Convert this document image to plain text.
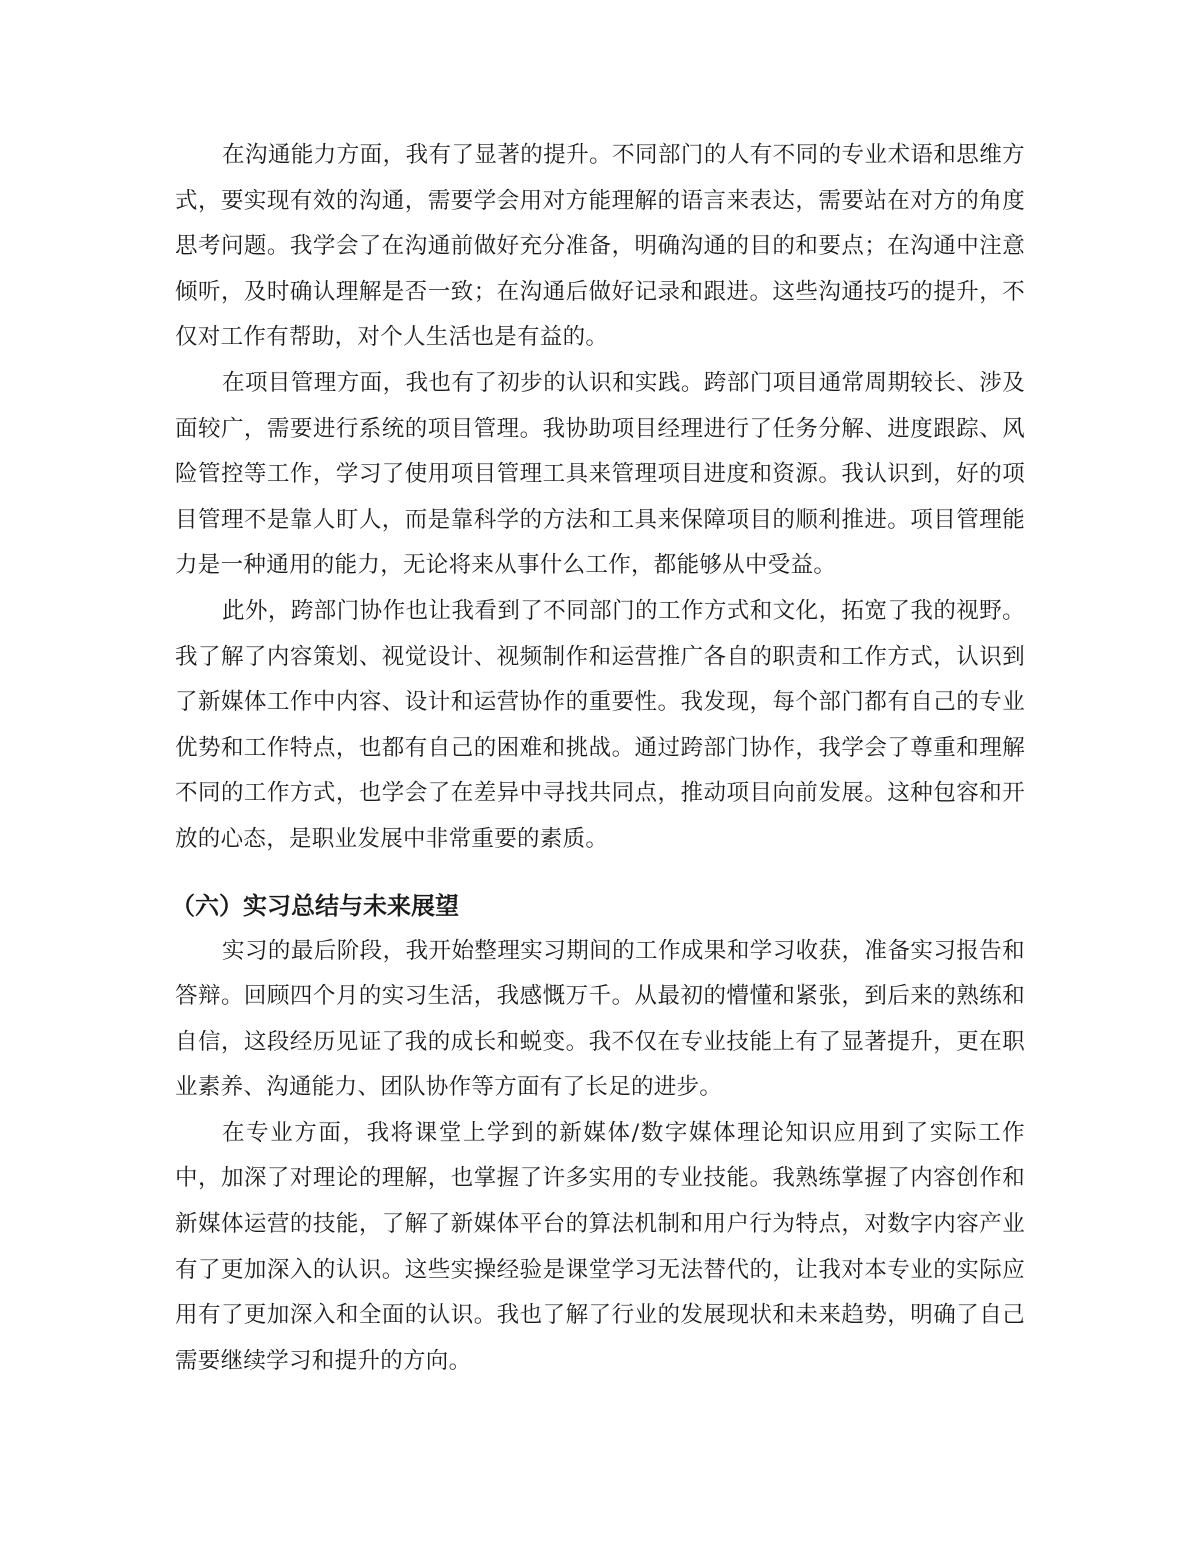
在沟通能力方面，我有了显著的提升。不同部门的人有不同的专业术语和思维方式，要实现有效的沟通，需要学会用对方能理解的语言来表达，需要站在对方的角度思考问题。我学会了在沟通前做好充分准备，明确沟通的目的和要点；在沟通中注意倾听，及时确认理解是否一致；在沟通后做好记录和跟进。这些沟通技巧的提升，不仅对工作有帮助，对个人生活也是有益的。

在项目管理方面，我也有了初步的认识和实践。跨部门项目通常周期较长、涉及面较广，需要进行系统的项目管理。我协助项目经理进行了任务分解、进度跟踪、风险管控等工作，学习了使用项目管理工具来管理项目进度和资源。我认识到，好的项目管理不是靠人盯人，而是靠科学的方法和工具来保障项目的顺利推进。项目管理能力是一种通用的能力，无论将来从事什么工作，都能够从中受益。

此外，跨部门协作也让我看到了不同部门的工作方式和文化，拓宽了我的视野。我了解了内容策划、视觉设计、视频制作和运营推广各自的职责和工作方式，认识到了新媒体工作中内容、设计和运营协作的重要性。我发现，每个部门都有自己的专业优势和工作特点，也都有自己的困难和挑战。通过跨部门协作，我学会了尊重和理解不同的工作方式，也学会了在差异中寻找共同点，推动项目向前发展。这种包容和开放的心态，是职业发展中非常重要的素质。

（六）实习总结与未来展望

实习的最后阶段，我开始整理实习期间的工作成果和学习收获，准备实习报告和答辩。回顾四个月的实习生活，我感慨万千。从最初的懵懂和紧张，到后来的熟练和自信，这段经历见证了我的成长和蜕变。我不仅在专业技能上有了显著提升，更在职业素养、沟通能力、团队协作等方面有了长足的进步。

在专业方面，我将课堂上学到的新媒体/数字媒体理论知识应用到了实际工作中，加深了对理论的理解，也掌握了许多实用的专业技能。我熟练掌握了内容创作和新媒体运营的技能，了解了新媒体平台的算法机制和用户行为特点，对数字内容产业有了更加深入的认识。这些实操经验是课堂学习无法替代的，让我对本专业的实际应用有了更加深入和全面的认识。我也了解了行业的发展现状和未来趋势，明确了自己需要继续学习和提升的方向。
